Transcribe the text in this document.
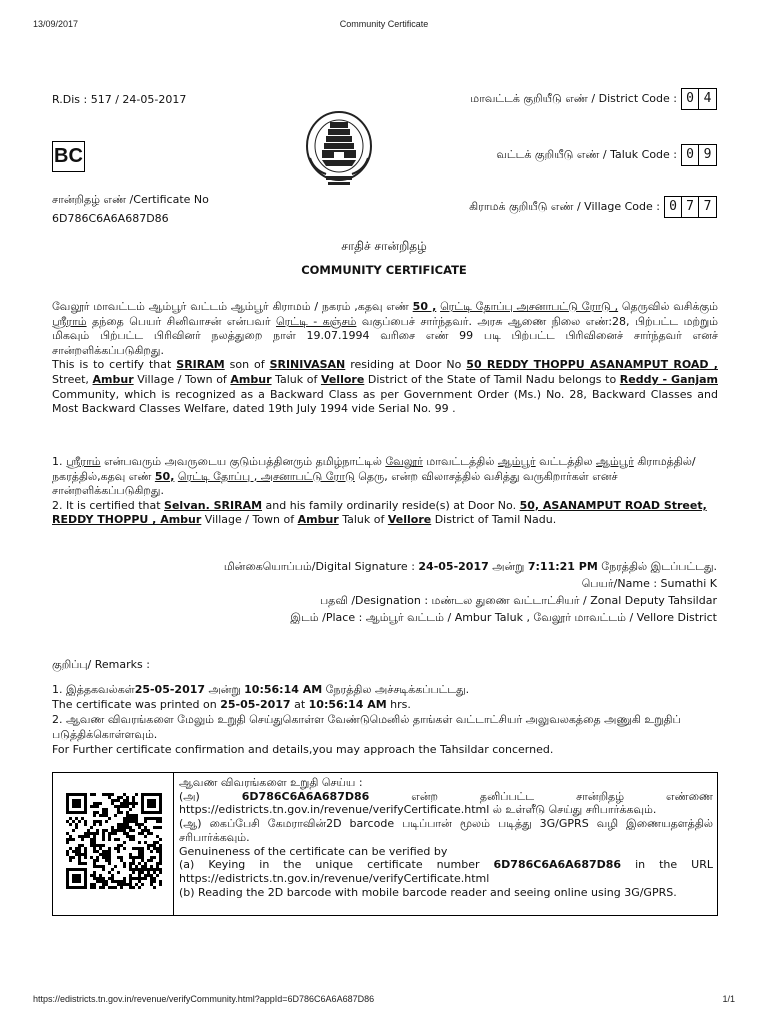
13/09/2017	Community Certificate
R.Dis : 517 / 24-05-2017
BC
சான்றிதழ் எண் /Certificate No
6D786C6A6A687D86
மாவட்டக் குறியீடு எண் / District Code : 0 4
வட்டக் குறியீடு எண் / Taluk Code : 0 9
கிராமக் குறியீடு எண் / Village Code : 0 7 7
சாதிச் சான்றிதழ்
COMMUNITY CERTIFICATE
வேலூர் மாவட்டம் ஆம்பூர் வட்டம் ஆம்பூர் கிராமம் / நகரம் ,கதவு எண் 50 , ரெட்டி தோப்பு அசனாபட்டு ரோடு , தெருவில் வசிக்கும் ஸ்ரீராம் தந்தை பெயர் சினிவாசன் என்பவர் ரெட்டி - கஞ்சம் வகுப்பைச் சார்ந்தவர். அரசு ஆணை நிலை எண்:28, பிற்பட்ட மற்றும் மிகவும் பிற்பட்ட பிரிவினர் நலத்துறை நாள் 19.07.1994 வரிசை எண் 99 படி பிற்பட்ட பிரிவினைச் சார்ந்தவர் எனச் சான்றளிக்கப்படுகிறது.
This is to certify that SRIRAM son of SRINIVASAN residing at Door No 50 REDDY THOPPU ASANAMPUT ROAD , Street, Ambur Village / Town of Ambur Taluk of Vellore District of the State of Tamil Nadu belongs to Reddy - Ganjam Community, which is recognized as a Backward Class as per Government Order (Ms.) No. 28, Backward Classes and Most Backward Classes Welfare, dated 19th July 1994 vide Serial No. 99 .
1. ஸ்ரீராம் என்பவரும் அவருடைய குடும்பத்தினரும் தமிழ்நாட்டில் வேலூர் மாவட்டத்தில் ஆம்பூர் வட்டத்தில ஆம்பூர் கிராமத்தில்/நகரத்தில்,கதவு எண் 50, ரெட்டி தோப்பு , அசனாபட்டு ரோடு தெரு, என்ற விலாசத்தில் வசித்து வருகிறார்கள் எனச் சான்றளிக்கப்படுகிறது.
2. It is certified that Selvan. SRIRAM and his family ordinarily reside(s) at Door No. 50, ASANAMPUT ROAD Street, REDDY THOPPU , Ambur Village / Town of Ambur Taluk of Vellore District of Tamil Nadu.
மின்கையொப்பம்/Digital Signature : 24-05-2017 அன்று 7:11:21 PM நேரத்தில் இடப்பட்டது.
பெயர்/Name : Sumathi K
பதவி /Designation : மண்டல துணை வட்டாட்சியர் / Zonal Deputy Tahsildar
இடம் /Place : ஆம்பூர் வட்டம் / Ambur Taluk , வேலூர் மாவட்டம் / Vellore District
குறிப்பு/ Remarks :
1. இத்தகவல்கள்25-05-2017 அன்று 10:56:14 AM நேரத்தில அச்சடிக்கப்பட்டது.
The certificate was printed on 25-05-2017 at 10:56:14 AM hrs.
2. ஆவண விவரங்களை மேலும் உறுதி செய்துகொள்ள வேண்டுமெனில் தாங்கள் வட்டாட்சியர் அலுவலகத்தை அணுகி உறுதிப் படுத்திக்கொள்ளவும்.
For Further certificate confirmation and details,you may approach the Tahsildar concerned.
ஆவண விவரங்களை உறுதி செய்ய :
(அ) 6D786C6A6A687D86 என்ற தனிப்பட்ட சான்றிதழ் எண்ணை https://edistricts.tn.gov.in/revenue/verifyCertificate.html ல் உள்ளீடு செய்து சரிபார்க்கவும்.
(ஆ) கைப்பேசி கேமராவின்2D barcode படிப்பான் மூலம் படித்து 3G/GPRS வழி இணையதளத்தில் சரிபார்க்கவும்.
Genuineness of the certificate can be verified by
(a) Keying in the unique certificate number 6D786C6A6A687D86 in the URL https://edistricts.tn.gov.in/revenue/verifyCertificate.html
(b) Reading the 2D barcode with mobile barcode reader and seeing online using 3G/GPRS.
https://edistricts.tn.gov.in/revenue/verifyCommunity.html?appId=6D786C6A6A687D86	1/1
